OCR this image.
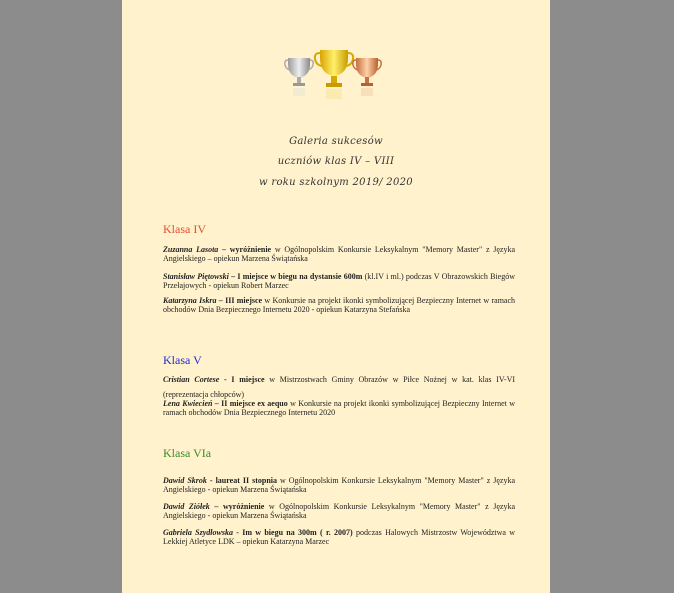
Galeria sukcesów
uczniów klas IV – VIII
w roku szkolnym 2019/ 2020
Klasa IV
Zuzanna Lasota – wyróżnienie w Ogólnopolskim Konkursie Leksykalnym "Memory Master" z Języka Angielskiego – opiekun Marzena Świątańska
Stanisław Piętowski – I miejsce w biegu na dystansie 600m (kl.IV i ml.) podczas V Obrazowskich Biegów Przełajowych - opiekun Robert Marzec
Katarzyna Iskra – III miejsce w Konkursie na projekt ikonki symbolizującej Bezpieczny Internet w ramach obchodów Dnia Bezpiecznego Internetu 2020 - opiekun Katarzyna Stefańska
Klasa V
Cristian Cortese - I miejsce w Mistrzostwach Gminy Obrazów w Piłce Nożnej w kat. klas IV-VI (reprezentacja chłopców)
Lena Kwiecień – II miejsce ex aequo w Konkursie na projekt ikonki symbolizującej Bezpieczny Internet w ramach obchodów Dnia Bezpiecznego Internetu 2020
Klasa VIa
Dawid Skrok - laureat II stopnia w Ogólnopolskim Konkursie Leksykalnym "Memory Master" z Języka Angielskiego - opiekun Marzena Świątańska
Dawid Ziółek – wyróżnienie w Ogólnopolskim Konkursie Leksykalnym "Memory Master" z Języka Angielskiego - opiekun Marzena Świątańska
Gabriela Szydłowska - Im w biegu na 300m ( r. 2007) podczas Halowych Mistrzostw Województwa w Lekkiej Atletyce LDK – opiekun Katarzyna Marzec
